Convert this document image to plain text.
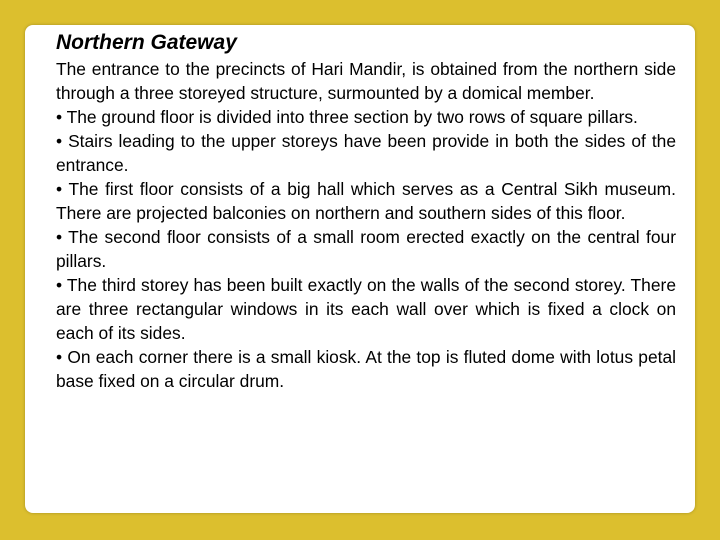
Northern Gateway

The entrance to the precincts of Hari Mandir, is obtained from the northern side through a three storeyed structure, surmounted by a domical member.

• The ground floor is divided into three section by two rows of square pillars.

• Stairs leading to the upper storeys have been provide in both the sides of the entrance.

• The first floor consists of a big hall which serves as a Central Sikh museum. There are projected balconies on northern and southern sides of this floor.

• The second floor consists of a small room erected exactly on the central four pillars.

• The third storey has been built exactly on the walls of the second storey. There are three rectangular windows in its each wall over which is fixed a clock on each of its sides.

• On each corner there is a small kiosk. At the top is fluted dome with lotus petal base fixed on a circular drum.
